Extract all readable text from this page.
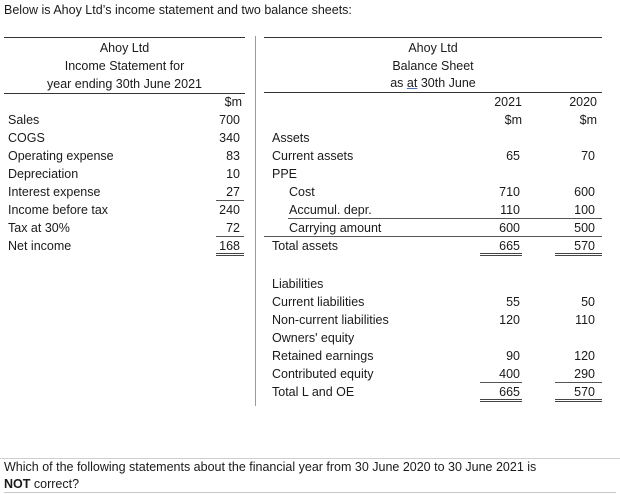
Below is Ahoy Ltd’s income statement and two balance sheets:
Ahoy Ltd
Income Statement for
year ending 30th June 2021
$m
Sales	700
COGS	340
Operating expense	83
Depreciation	10
Interest expense	27
Income before tax	240
Tax at 30%	72
Net income	168
Ahoy Ltd
Balance Sheet
as at 30th June
2021	2020
$m	$m
Assets
Current assets	65	70
PPE
Cost	710	600
Accumul. depr.	110	100
Carrying amount	600	500
Total assets	665	570
Liabilities
Current liabilities	55	50
Non-current liabilities	120	110
Owners' equity
Retained earnings	90	120
Contributed equity	400	290
Total L and OE	665	570
Which of the following statements about the financial year from 30 June 2020 to 30 June 2021 is
NOT correct?
